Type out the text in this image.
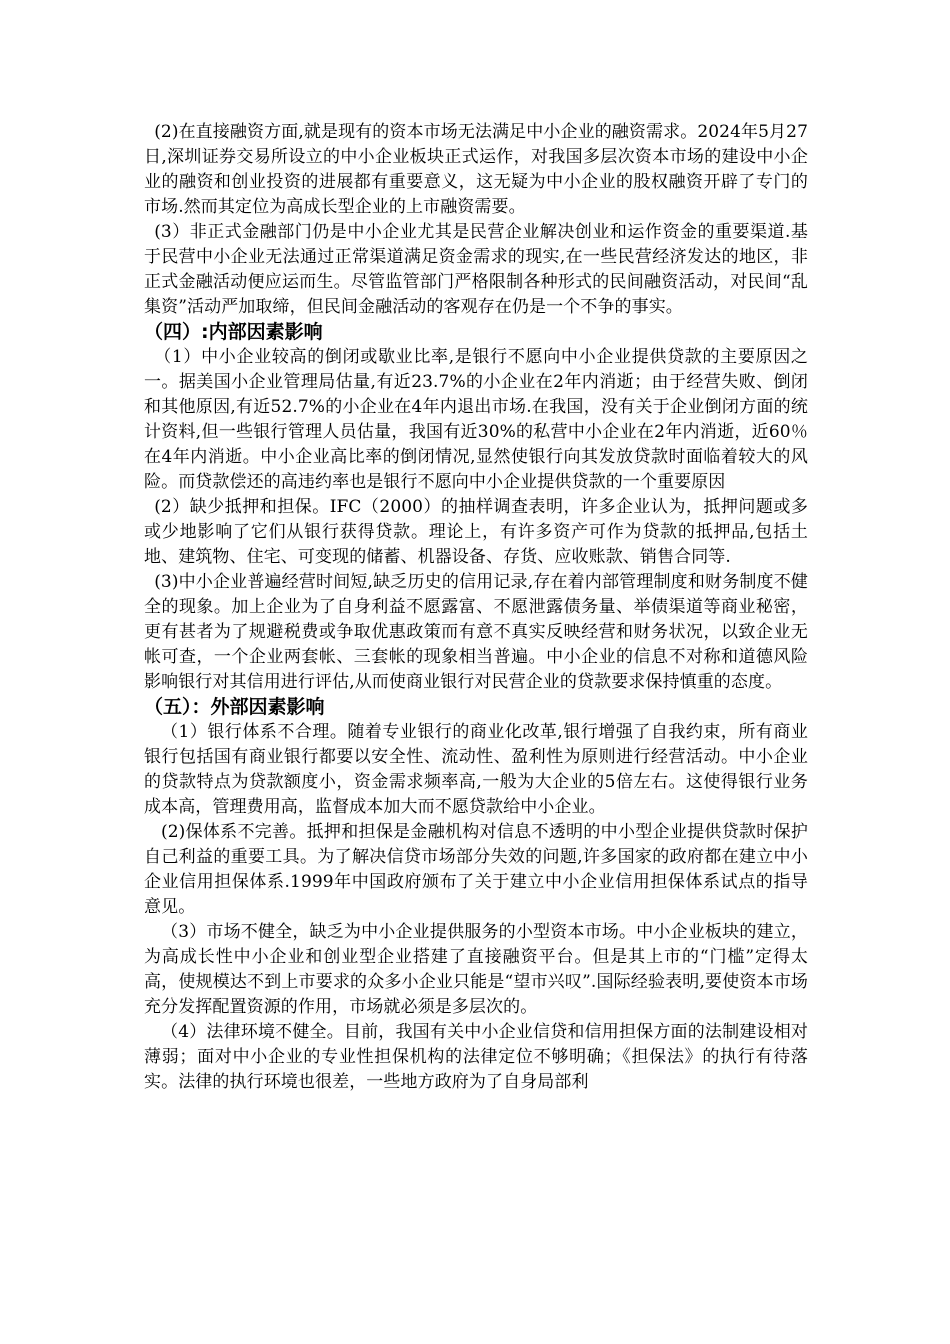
(2)在直接融资方面,就是现有的资本市场无法满足中小企业的融资需求。2024年5月27日,深圳证券交易所设立的中小企业板块正式运作，对我国多层次资本市场的建设中小企业的融资和创业投资的进展都有重要意义，这无疑为中小企业的股权融资开辟了专门的市场.然而其定位为高成长型企业的上市融资需要。

(3）非正式金融部门仍是中小企业尤其是民营企业解决创业和运作资金的重要渠道.基于民营中小企业无法通过正常渠道满足资金需求的现实,在一些民营经济发达的地区，非正式金融活动便应运而生。尽管监管部门严格限制各种形式的民间融资活动，对民间“乱集资”活动严加取缔，但民间金融活动的客观存在仍是一个不争的事实。

（四）:内部因素影响

（1）中小企业较高的倒闭或歇业比率,是银行不愿向中小企业提供贷款的主要原因之一。据美国小企业管理局估量,有近23.7%的小企业在2年内消逝；由于经营失败、倒闭和其他原因,有近52.7%的小企业在4年内退出市场.在我国，没有关于企业倒闭方面的统计资料,但一些银行管理人员估量，我国有近30%的私营中小企业在2年内消逝，近60％在4年内消逝。中小企业高比率的倒闭情况,显然使银行向其发放贷款时面临着较大的风险。而贷款偿还的高违约率也是银行不愿向中小企业提供贷款的一个重要原因

(2）缺少抵押和担保。IFC（2000）的抽样调查表明，许多企业认为，抵押问题或多或少地影响了它们从银行获得贷款。理论上，有许多资产可作为贷款的抵押品,包括土地、建筑物、住宅、可变现的储蓄、机器设备、存货、应收账款、销售合同等.

(3)中小企业普遍经营时间短,缺乏历史的信用记录,存在着内部管理制度和财务制度不健全的现象。加上企业为了自身利益不愿露富、不愿泄露债务量、举债渠道等商业秘密，更有甚者为了规避税费或争取优惠政策而有意不真实反映经营和财务状况，以致企业无帐可查，一个企业两套帐、三套帐的现象相当普遍。中小企业的信息不对称和道德风险影响银行对其信用进行评估,从而使商业银行对民营企业的贷款要求保持慎重的态度。

（五）：外部因素影响

（1）银行体系不合理。随着专业银行的商业化改革,银行增强了自我约束，所有商业银行包括国有商业银行都要以安全性、流动性、盈利性为原则进行经营活动。中小企业的贷款特点为贷款额度小，资金需求频率高,一般为大企业的5倍左右。这使得银行业务成本高，管理费用高，监督成本加大而不愿贷款给中小企业。

(2)保体系不完善。抵押和担保是金融机构对信息不透明的中小型企业提供贷款时保护自己利益的重要工具。为了解决信贷市场部分失效的问题,许多国家的政府都在建立中小企业信用担保体系.1999年中国政府颁布了关于建立中小企业信用担保体系试点的指导意见。

（3）市场不健全，缺乏为中小企业提供服务的小型资本市场。中小企业板块的建立，为高成长性中小企业和创业型企业搭建了直接融资平台。但是其上市的“门槛”定得太高，使规模达不到上市要求的众多小企业只能是“望市兴叹”.国际经验表明,要使资本市场充分发挥配置资源的作用，市场就必须是多层次的。

（4）法律环境不健全。目前，我国有关中小企业信贷和信用担保方面的法制建设相对薄弱；面对中小企业的专业性担保机构的法律定位不够明确；《担保法》的执行有待落实。法律的执行环境也很差，一些地方政府为了自身局部利
